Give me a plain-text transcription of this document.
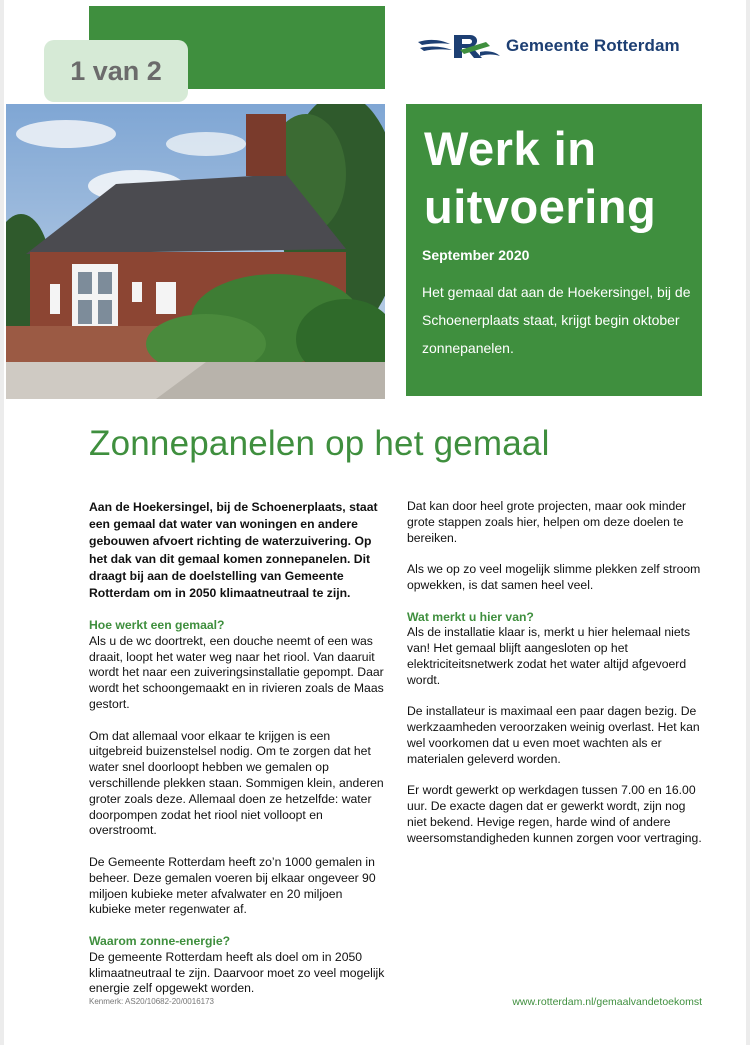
Gemeente Rotterdam
1 van 2
Werk in
uitvoering
September 2020
Het gemaal dat aan de Hoekersingel, bij de Schoenerplaats staat, krijgt begin oktober zonnepanelen.
Zonnepanelen op het gemaal

Aan de Hoekersingel, bij de Schoenerplaats, staat een gemaal dat water van woningen en andere gebouwen afvoert richting de waterzuivering. Op het dak van dit gemaal komen zonnepanelen. Dit draagt bij aan de doelstelling van Gemeente Rotterdam om in 2050 klimaatneutraal te zijn.

Hoe werkt een gemaal?

Als u de wc doortrekt, een douche neemt of een was draait, loopt het water weg naar het riool. Van daaruit wordt het naar een zuiveringsinstallatie gepompt. Daar wordt het schoongemaakt en in rivieren zoals de Maas gestort.

Om dat allemaal voor elkaar te krijgen is een uitgebreid buizenstelsel nodig. Om te zorgen dat het water snel doorloopt hebben we gemalen op verschillende plekken staan. Sommigen klein, anderen groter zoals deze. Allemaal doen ze hetzelfde: water doorpompen zodat het riool niet volloopt en overstroomt.

De Gemeente Rotterdam heeft zo’n 1000 gemalen in beheer. Deze gemalen voeren bij elkaar ongeveer 90 miljoen kubieke meter afvalwater en 20 miljoen kubieke meter regenwater af.

Waarom zonne-energie?

De gemeente Rotterdam heeft als doel om in 2050 klimaatneutraal te zijn. Daarvoor moet zo veel mogelijk energie zelf opgewekt worden.

Dat kan door heel grote projecten, maar ook minder grote stappen zoals hier, helpen om deze doelen te bereiken.

Als we op zo veel mogelijk slimme plekken zelf stroom opwekken, is dat samen heel veel.

Wat merkt u hier van?

Als de installatie klaar is, merkt u hier helemaal niets van! Het gemaal blijft aangesloten op het elektriciteitsnetwerk zodat het water altijd afgevoerd wordt.

De installateur is maximaal een paar dagen bezig. De werkzaamheden veroorzaken weinig overlast. Het kan wel voorkomen dat u even moet wachten als er materialen geleverd worden.

Er wordt gewerkt op werkdagen tussen 7.00 en 16.00 uur. De exacte dagen dat er gewerkt wordt, zijn nog niet bekend. Hevige regen, harde wind of andere weersomstandigheden kunnen zorgen voor vertraging.

Kenmerk: AS20/10682-20/0016173	www.rotterdam.nl/gemaalvandetoekomst
